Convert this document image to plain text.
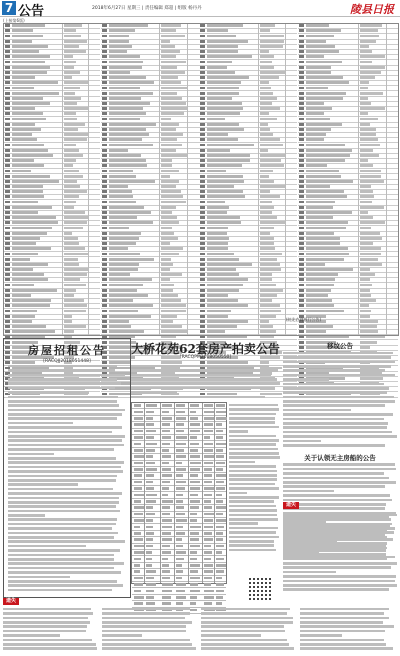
7 公告	2018年6月27日 星期三 | 责任编辑 郑超 | 组版 杨丹丹	陵县日报
(上接第6版)
(皖北农商银行公告)
房屋招租公告
[RACQJJ2018051448]
大桥花苑62套房产拍卖公告
[RACQPM2018050550]
移坟公告
关于认领无主房船的公告
遗失
遗失
